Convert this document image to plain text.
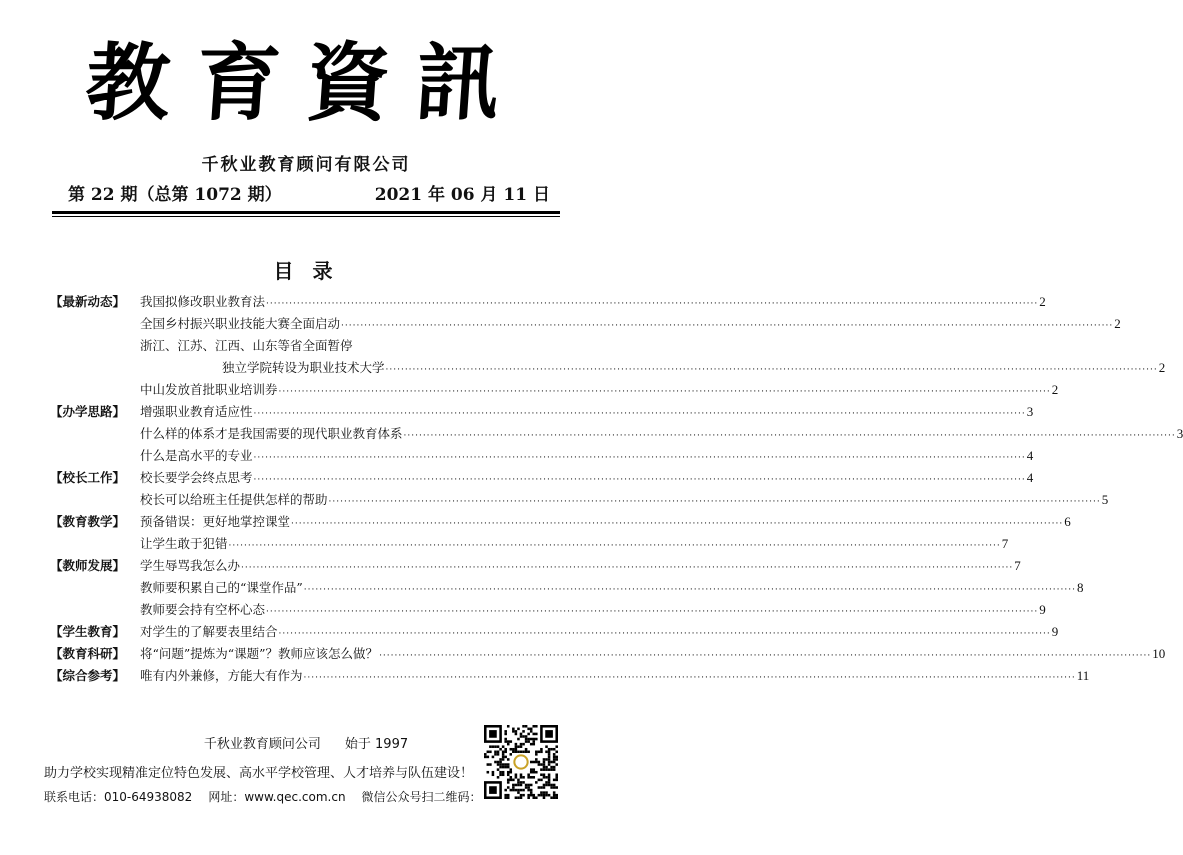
教育資訊
千秋业教育顾问有限公司
第 22 期（总第 1072 期）	2021 年 06 月 11 日
目 录
【最新动态】	我国拟修改职业教育法 ········································································································································································································ 2
全国乡村振兴职业技能大赛全面启动 ········································································································································································································ 2
浙江、江苏、江西、山东等省全面暂停
独立学院转设为职业技术大学 ········································································································································································································ 2
中山发放首批职业培训券 ········································································································································································································ 2
【办学思路】	增强职业教育适应性 ········································································································································································································ 3
什么样的体系才是我国需要的现代职业教育体系 ········································································································································································································ 3
什么是高水平的专业 ········································································································································································································ 4
【校长工作】	校长要学会终点思考 ········································································································································································································ 4
校长可以给班主任提供怎样的帮助 ········································································································································································································ 5
【教育教学】	预备错误：更好地掌控课堂 ········································································································································································································ 6
让学生敢于犯错 ········································································································································································································ 7
【教师发展】	学生辱骂我怎么办 ········································································································································································································ 7
教师要积累自己的“课堂作品” ········································································································································································································ 8
教师要会持有空杯心态 ········································································································································································································ 9
【学生教育】	对学生的了解要表里结合 ········································································································································································································ 9
【教育科研】	将“问题”提炼为“课题”？教师应该怎么做？ ········································································································································································································ 10
【综合参考】	唯有内外兼修，方能大有作为 ········································································································································································································ 11
千秋业教育顾问公司 始于 1997
助力学校实现精准定位特色发展、高水平学校管理、人才培养与队伍建设！
联系电话：010-64938082 网址：www.qec.com.cn 微信公众号扫二维码：
